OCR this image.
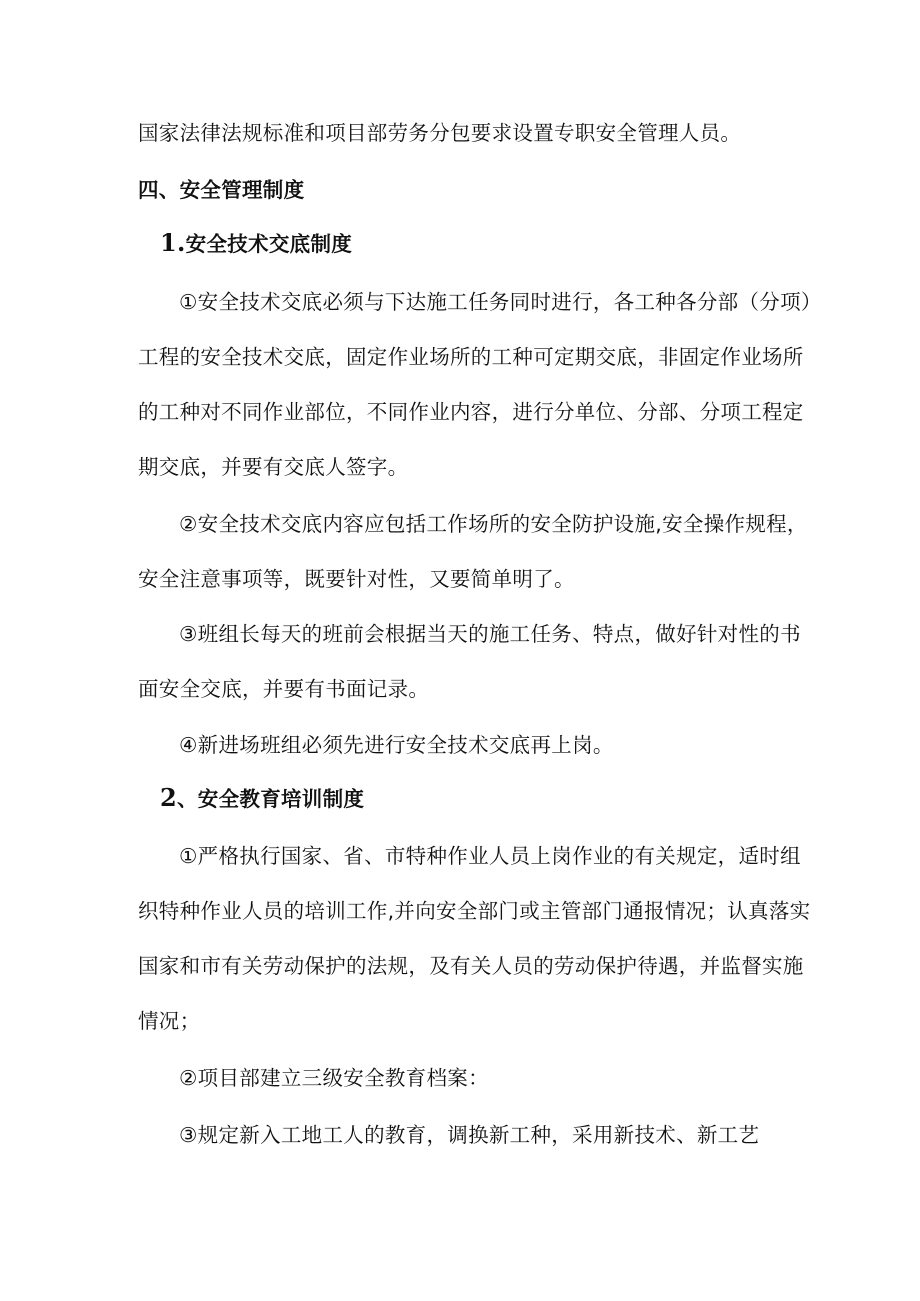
国家法律法规标准和项目部劳务分包要求设置专职安全管理人员。
四、安全管理制度
1.安全技术交底制度
①安全技术交底必须与下达施工任务同时进行，各工种各分部（分项）
工程的安全技术交底，固定作业场所的工种可定期交底，非固定作业场所
的工种对不同作业部位，不同作业内容，进行分单位、分部、分项工程定
期交底，并要有交底人签字。
②安全技术交底内容应包括工作场所的安全防护设施,安全操作规程，
安全注意事项等，既要针对性，又要简单明了。
③班组长每天的班前会根据当天的施工任务、特点，做好针对性的书
面安全交底，并要有书面记录。
④新进场班组必须先进行安全技术交底再上岗。
2、安全教育培训制度
①严格执行国家、省、市特种作业人员上岗作业的有关规定，适时组
织特种作业人员的培训工作,并向安全部门或主管部门通报情况；认真落实
国家和市有关劳动保护的法规，及有关人员的劳动保护待遇，并监督实施
情况；
②项目部建立三级安全教育档案：
③规定新入工地工人的教育，调换新工种，采用新技术、新工艺
